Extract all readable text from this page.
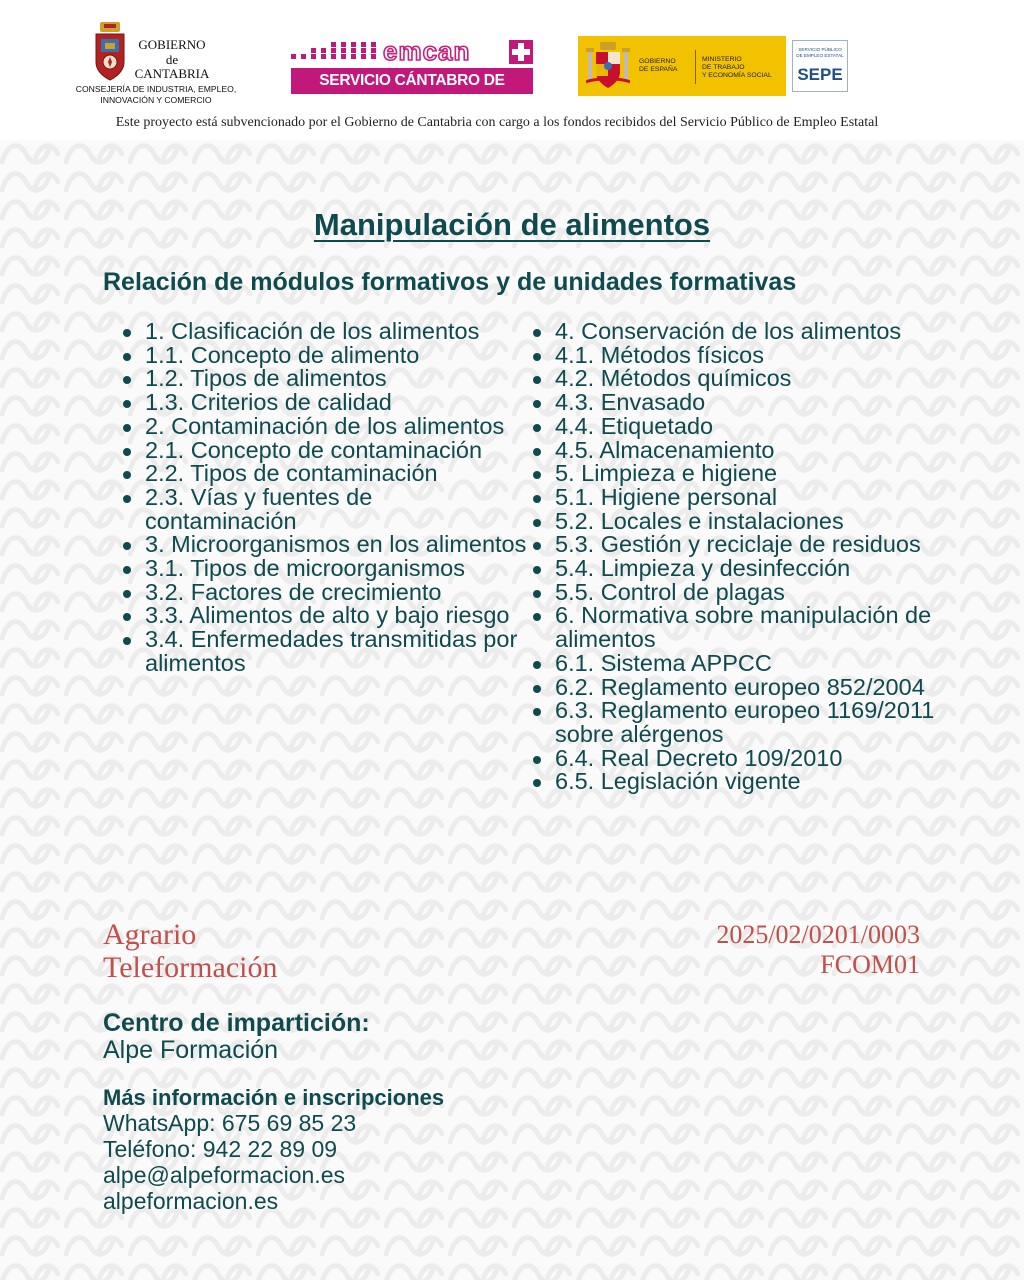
GOBIERNO
de
CANTABRIA
CONSEJERÍA DE INDUSTRIA, EMPLEO,
INNOVACIÓN Y COMERCIO
emcan
SERVICIO CÁNTABRO DE EMPLEO
GOBIERNO
DE ESPAÑA
MINISTERIO
DE TRABAJO
Y ECONOMÍA SOCIAL
SERVICIO PÚBLICO
DE EMPLEO ESTATAL
SEPE
Este proyecto está subvencionado por el Gobierno de Cantabria con cargo a los fondos recibidos del Servicio Público de Empleo Estatal
Manipulación de alimentos
Relación de módulos formativos y de unidades formativas
1. Clasificación de los alimentos
1.1. Concepto de alimento
1.2. Tipos de alimentos
1.3. Criterios de calidad
2. Contaminación de los alimentos
2.1. Concepto de contaminación
2.2. Tipos de contaminación
2.3. Vías y fuentes de contaminación
3. Microorganismos en los alimentos
3.1. Tipos de microorganismos
3.2. Factores de crecimiento
3.3. Alimentos de alto y bajo riesgo
3.4. Enfermedades transmitidas por alimentos
4. Conservación de los alimentos
4.1. Métodos físicos
4.2. Métodos químicos
4.3. Envasado
4.4. Etiquetado
4.5. Almacenamiento
5. Limpieza e higiene
5.1. Higiene personal
5.2. Locales e instalaciones
5.3. Gestión y reciclaje de residuos
5.4. Limpieza y desinfección
5.5. Control de plagas
6. Normativa sobre manipulación de alimentos
6.1. Sistema APPCC
6.2. Reglamento europeo 852/2004
6.3. Reglamento europeo 1169/2011 sobre alérgenos
6.4. Real Decreto 109/2010
6.5. Legislación vigente
Agrario
Teleformación
2025/02/0201/0003
FCOM01
Centro de impartición:
Alpe Formación
Más información e inscripciones
WhatsApp: 675 69 85 23
Teléfono: 942 22 89 09
alpe@alpeformacion.es
alpeformacion.es
